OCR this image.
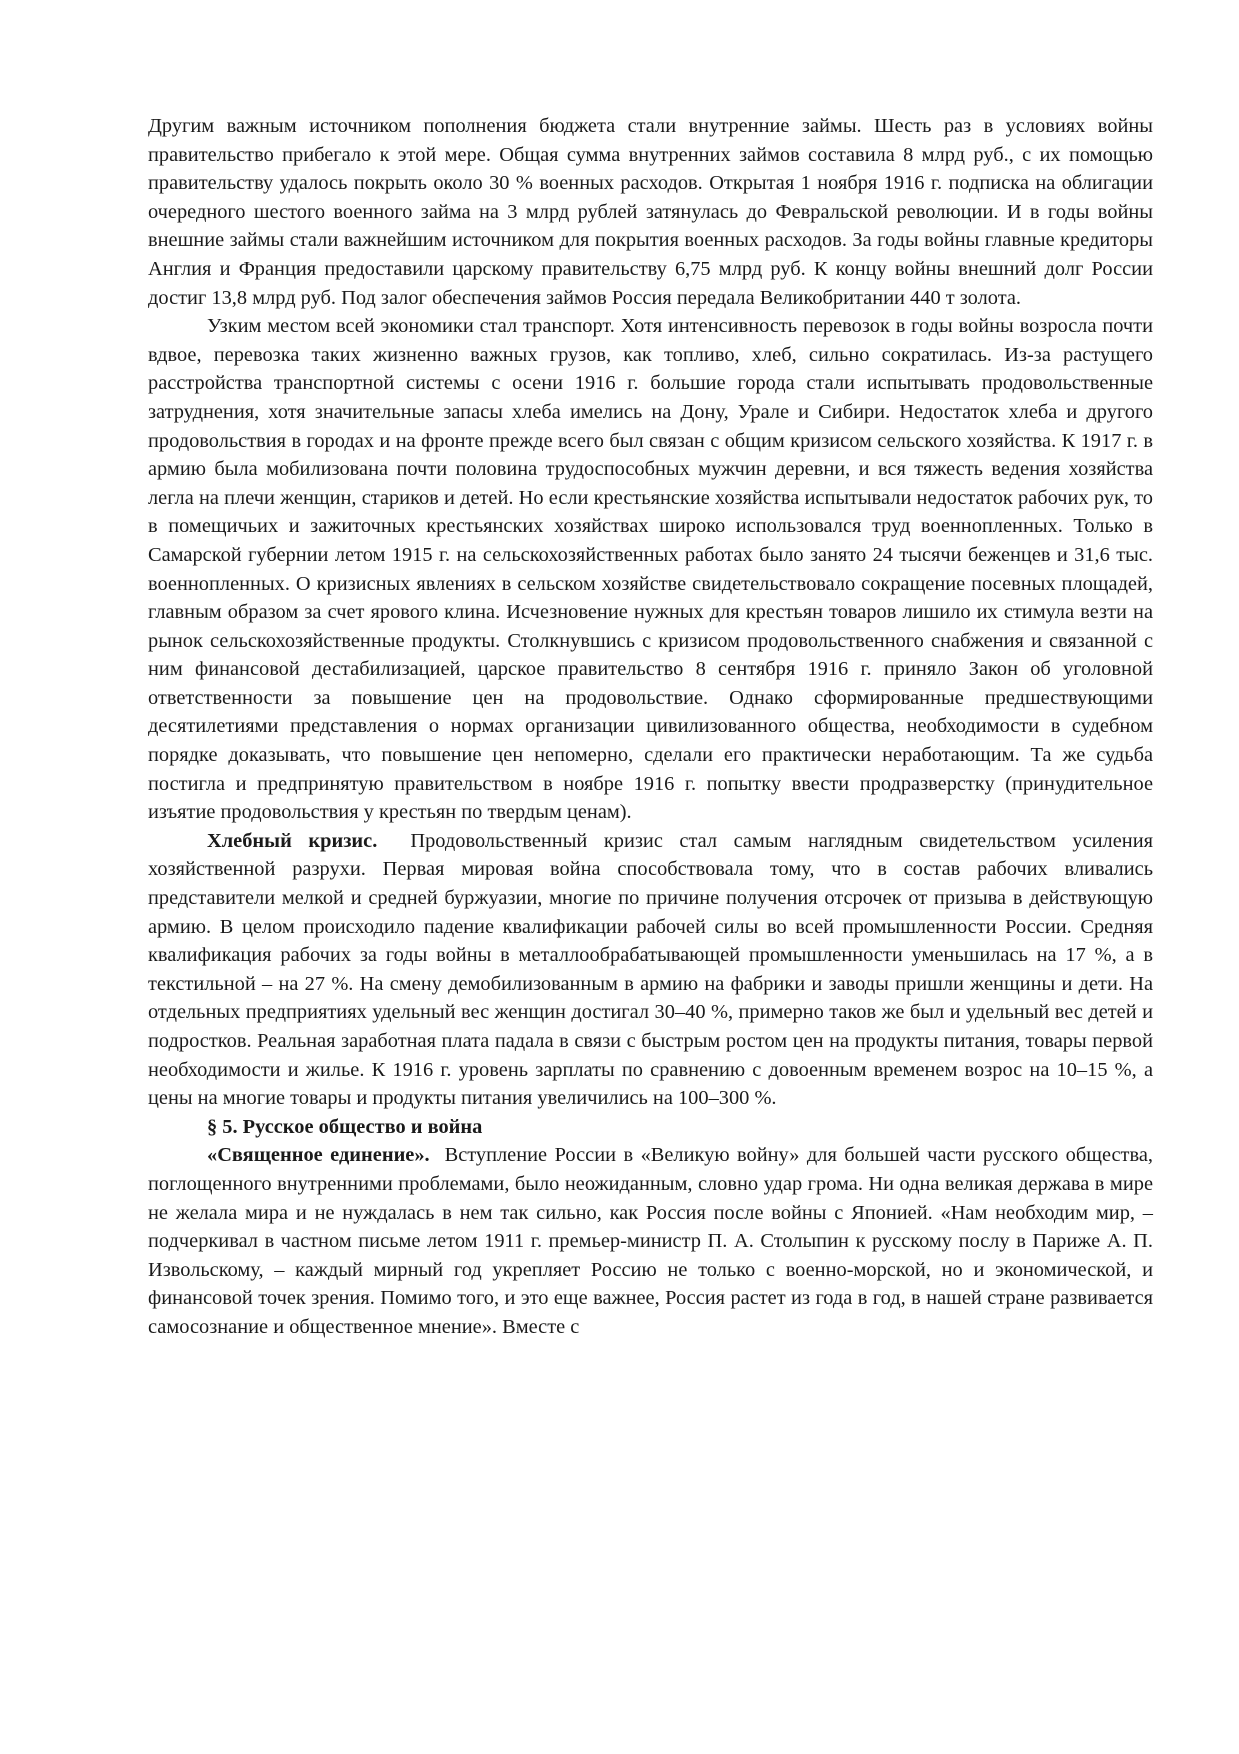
Другим важным источником пополнения бюджета стали внутренние займы. Шесть раз в условиях войны правительство прибегало к этой мере. Общая сумма внутренних займов составила 8 млрд руб., с их помощью правительству удалось покрыть около 30 % военных расходов. Открытая 1 ноября 1916 г. подписка на облигации очередного шестого военного займа на 3 млрд рублей затянулась до Февральской революции. И в годы войны внешние займы стали важнейшим источником для покрытия военных расходов. За годы войны главные кредиторы Англия и Франция предоставили царскому правительству 6,75 млрд руб. К концу войны внешний долг России достиг 13,8 млрд руб. Под залог обеспечения займов Россия передала Великобритании 440 т золота.

Узким местом всей экономики стал транспорт. Хотя интенсивность перевозок в годы войны возросла почти вдвое, перевозка таких жизненно важных грузов, как топливо, хлеб, сильно сократилась. Из-за растущего расстройства транспортной системы с осени 1916 г. большие города стали испытывать продовольственные затруднения, хотя значительные запасы хлеба имелись на Дону, Урале и Сибири. Недостаток хлеба и другого продовольствия в городах и на фронте прежде всего был связан с общим кризисом сельского хозяйства. К 1917 г. в армию была мобилизована почти половина трудоспособных мужчин деревни, и вся тяжесть ведения хозяйства легла на плечи женщин, стариков и детей. Но если крестьянские хозяйства испытывали недостаток рабочих рук, то в помещичьих и зажиточных крестьянских хозяйствах широко использовался труд военнопленных. Только в Самарской губернии летом 1915 г. на сельскохозяйственных работах было занято 24 тысячи беженцев и 31,6 тыс. военнопленных. О кризисных явлениях в сельском хозяйстве свидетельствовало сокращение посевных площадей, главным образом за счет ярового клина. Исчезновение нужных для крестьян товаров лишило их стимула везти на рынок сельскохозяйственные продукты. Столкнувшись с кризисом продовольственного снабжения и связанной с ним финансовой дестабилизацией, царское правительство 8 сентября 1916 г. приняло Закон об уголовной ответственности за повышение цен на продовольствие. Однако сформированные предшествующими десятилетиями представления о нормах организации цивилизованного общества, необходимости в судебном порядке доказывать, что повышение цен непомерно, сделали его практически неработающим. Та же судьба постигла и предпринятую правительством в ноябре 1916 г. попытку ввести продразверстку (принудительное изъятие продовольствия у крестьян по твердым ценам).

Хлебный кризис. Продовольственный кризис стал самым наглядным свидетельством усиления хозяйственной разрухи. Первая мировая война способствовала тому, что в состав рабочих вливались представители мелкой и средней буржуазии, многие по причине получения отсрочек от призыва в действующую армию. В целом происходило падение квалификации рабочей силы во всей промышленности России. Средняя квалификация рабочих за годы войны в металлообрабатывающей промышленности уменьшилась на 17 %, а в текстильной – на 27 %. На смену демобилизованным в армию на фабрики и заводы пришли женщины и дети. На отдельных предприятиях удельный вес женщин достигал 30–40 %, примерно таков же был и удельный вес детей и подростков. Реальная заработная плата падала в связи с быстрым ростом цен на продукты питания, товары первой необходимости и жилье. К 1916 г. уровень зарплаты по сравнению с довоенным временем возрос на 10–15 %, а цены на многие товары и продукты питания увеличились на 100–300 %.

§ 5. Русское общество и война

«Священное единение». Вступление России в «Великую войну» для большей части русского общества, поглощенного внутренними проблемами, было неожиданным, словно удар грома. Ни одна великая держава в мире не желала мира и не нуждалась в нем так сильно, как Россия после войны с Японией. «Нам необходим мир, – подчеркивал в частном письме летом 1911 г. премьер-министр П. А. Столыпин к русскому послу в Париже А. П. Извольскому, – каждый мирный год укрепляет Россию не только с военно-морской, но и экономической, и финансовой точек зрения. Помимо того, и это еще важнее, Россия растет из года в год, в нашей стране развивается самосознание и общественное мнение». Вместе с
